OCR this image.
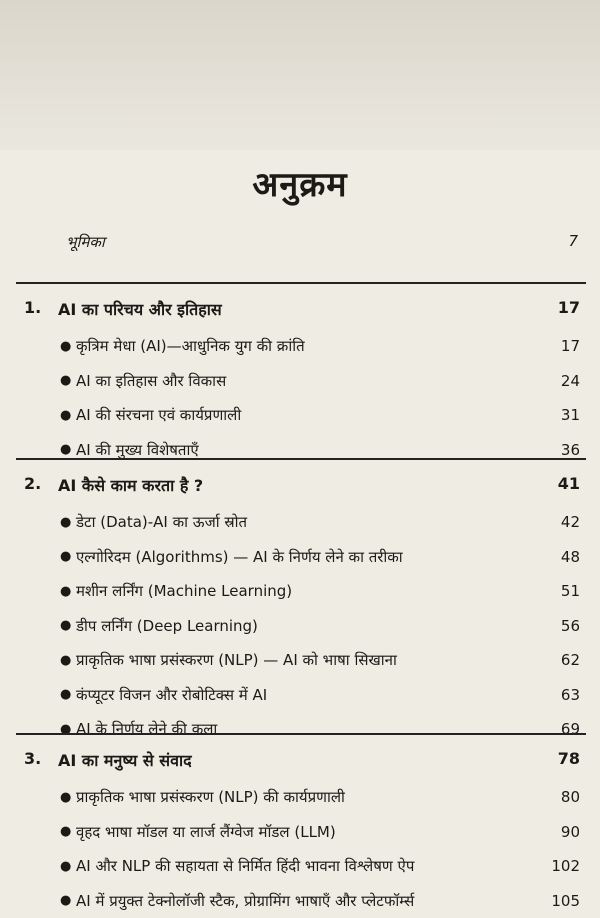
अनुक्रम
भूमिका	7
1.	AI का परिचय और इतिहास	17
● कृत्रिम मेधा (AI)—आधुनिक युग की क्रांति	17
● AI का इतिहास और विकास	24
● AI की संरचना एवं कार्यप्रणाली	31
● AI की मुख्य विशेषताएँ	36
2.	AI कैसे काम करता है ?	41
● डेटा (Data)-AI का ऊर्जा स्रोत	42
● एल्गोरिदम (Algorithms) — AI के निर्णय लेने का तरीका	48
● मशीन लर्निंग (Machine Learning)	51
● डीप लर्निंग (Deep Learning)	56
● प्राकृतिक भाषा प्रसंस्करण (NLP) — AI को भाषा सिखाना	62
● कंप्यूटर विजन और रोबोटिक्स में AI	63
● AI के निर्णय लेने की कला	69
3.	AI का मनुष्य से संवाद	78
● प्राकृतिक भाषा प्रसंस्करण (NLP) की कार्यप्रणाली	80
● वृहद भाषा मॉडल या लार्ज लैंग्वेज मॉडल (LLM)	90
● AI और NLP की सहायता से निर्मित हिंदी भावना विश्लेषण ऐप	102
● AI में प्रयुक्त टेक्नोलॉजी स्टैक, प्रोग्रामिंग भाषाएँ और प्लेटफॉर्म्स	105
